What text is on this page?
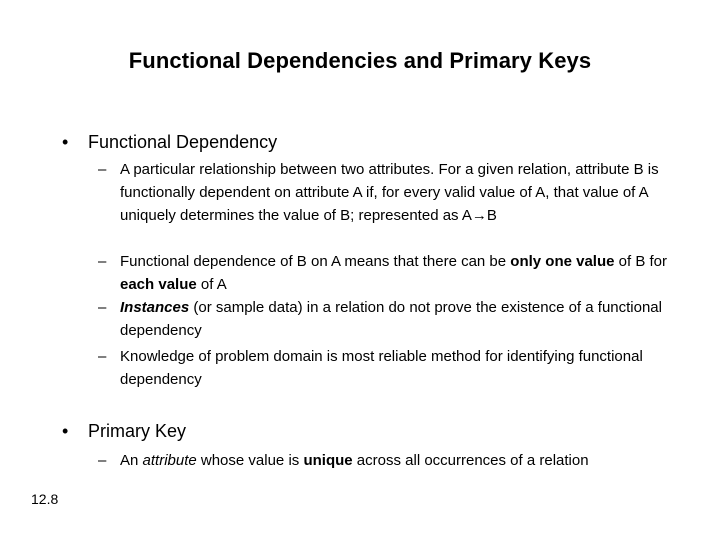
Functional Dependencies and Primary Keys
• Functional Dependency
– A particular relationship between two attributes. For a given relation, attribute B is functionally dependent on attribute A if, for every valid value of A, that value of A uniquely determines the value of B; represented as A→B
– Functional dependence of B on A means that there can be only one value of B for each value of A
– Instances (or sample data) in a relation do not prove the existence of a functional dependency
– Knowledge of problem domain is most reliable method for identifying functional dependency
• Primary Key
– An attribute whose value is unique across all occurrences of a relation
12.8
